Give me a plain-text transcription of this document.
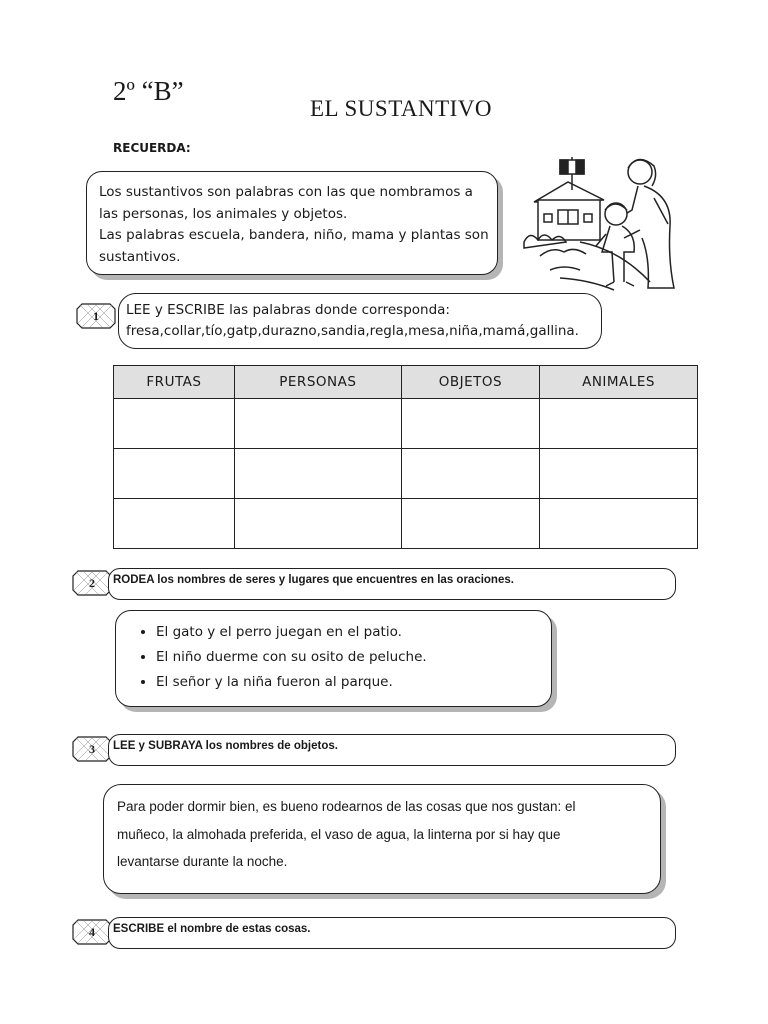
2º “B”
EL SUSTANTIVO
RECUERDA:
Los sustantivos son palabras con las que nombramos a
las personas, los animales y objetos.
Las palabras escuela, bandera, niño, mama y plantas son
sustantivos.
1	LEE y ESCRIBE las palabras donde corresponda:
fresa,collar,tío,gatp,durazno,sandia,regla,mesa,niña,mamá,gallina.
FRUTAS	PERSONAS	OBJETOS	ANIMALES

2	RODEA los nombres de seres y lugares que encuentres en las oraciones.
• El gato y el perro juegan en el patio.
• El niño duerme con su osito de peluche.
• El señor y la niña fueron al parque.
3	LEE y SUBRAYA los nombres de objetos.
Para poder dormir bien, es bueno rodearnos de las cosas que nos gustan: el
muñeco, la almohada preferida, el vaso de agua, la linterna por si hay que
levantarse durante la noche.
4	ESCRIBE el nombre de estas cosas.
